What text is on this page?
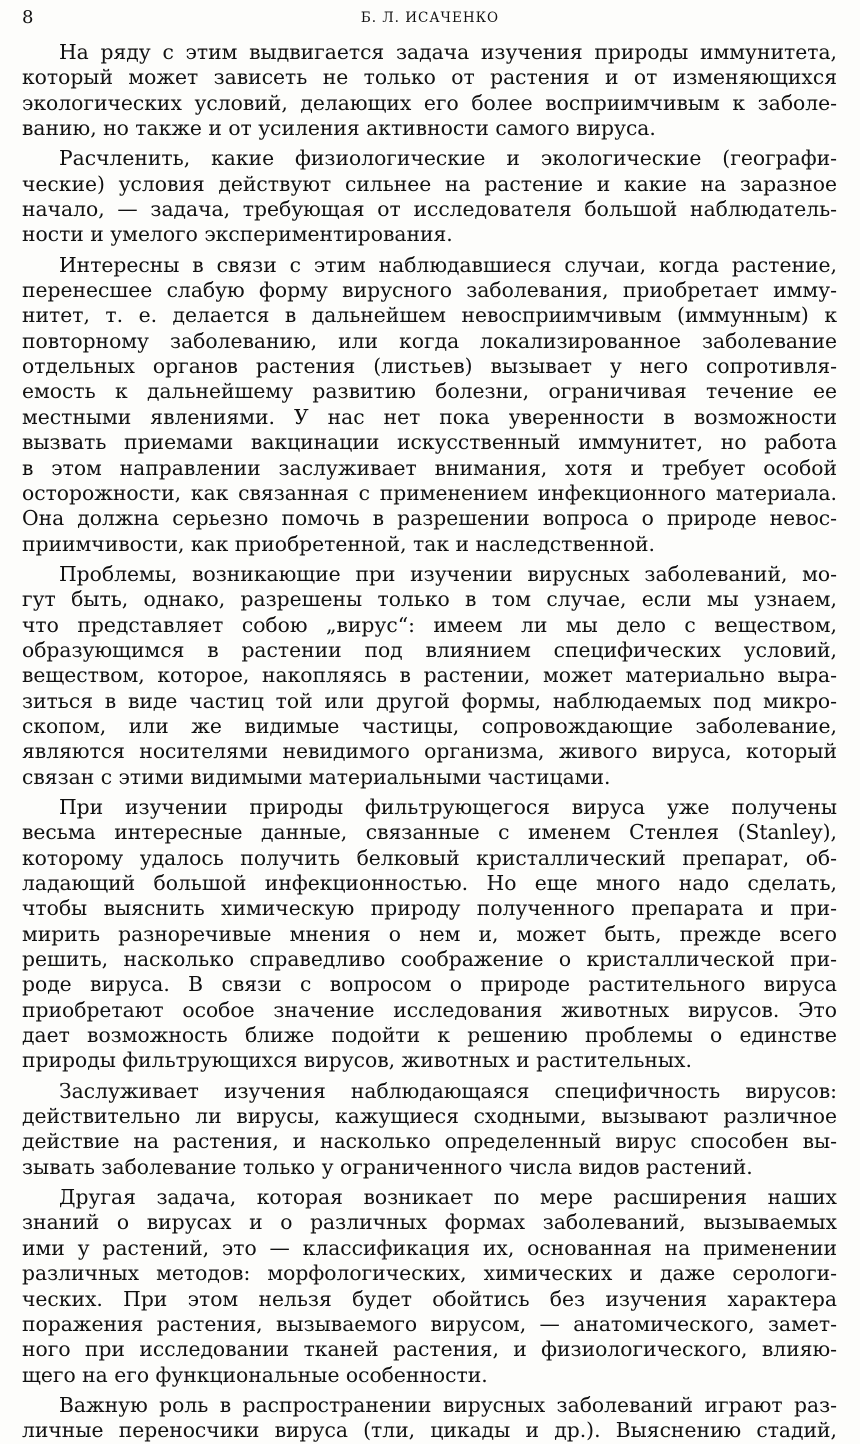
8	Б. Л. ИСАЧЕНКО

На ряду с этим выдвигается задача изучения природы иммунитета,
который может зависеть не только от растения и от изменяющихся
экологических условий, делающих его более восприимчивым к заболе-
ванию, но также и от усиления активности самого вируса.

Расчленить, какие физиологические и экологические (географи-
ческие) условия действуют сильнее на растение и какие на заразное
начало, — задача, требующая от исследователя большой наблюдатель-
ности и умелого экспериментирования.

Интересны в связи с этим наблюдавшиеся случаи, когда растение,
перенесшее слабую форму вирусного заболевания, приобретает имму-
нитет, т. е. делается в дальнейшем невосприимчивым (иммунным) к
повторному заболеванию, или когда локализированное заболевание
отдельных органов растения (листьев) вызывает у него сопротивля-
емость к дальнейшему развитию болезни, ограничивая течение ее
местными явлениями. У нас нет пока уверенности в возможности
вызвать приемами вакцинации искусственный иммунитет, но работа
в этом направлении заслуживает внимания, хотя и требует особой
осторожности, как связанная с применением инфекционного материала.
Она должна серьезно помочь в разрешении вопроса о природе невос-
приимчивости, как приобретенной, так и наследственной.

Проблемы, возникающие при изучении вирусных заболеваний, мо-
гут быть, однако, разрешены только в том случае, если мы узнаем,
что представляет собою „вирус“: имеем ли мы дело с веществом,
образующимся в растении под влиянием специфических условий,
веществом, которое, накопляясь в растении, может материально выра-
зиться в виде частиц той или другой формы, наблюдаемых под микро-
скопом, или же видимые частицы, сопровождающие заболевание,
являются носителями невидимого организма, живого вируса, который
связан с этими видимыми материальными частицами.

При изучении природы фильтрующегося вируса уже получены
весьма интересные данные, связанные с именем Стенлея (Stanley),
которому удалось получить белковый кристаллический препарат, об-
ладающий большой инфекционностью. Но еще много надо сделать,
чтобы выяснить химическую природу полученного препарата и при-
мирить разноречивые мнения о нем и, может быть, прежде всего
решить, насколько справедливо соображение о кристаллической при-
роде вируса. В связи с вопросом о природе растительного вируса
приобретают особое значение исследования животных вирусов. Это
дает возможность ближе подойти к решению проблемы о единстве
природы фильтрующихся вирусов, животных и растительных.

Заслуживает изучения наблюдающаяся специфичность вирусов:
действительно ли вирусы, кажущиеся сходными, вызывают различное
действие на растения, и насколько определенный вирус способен вы-
зывать заболевание только у ограниченного числа видов растений.

Другая задача, которая возникает по мере расширения наших
знаний о вирусах и о различных формах заболеваний, вызываемых
ими у растений, это — классификация их, основанная на применении
различных методов: морфологических, химических и даже серологи-
ческих. При этом нельзя будет обойтись без изучения характера
поражения растения, вызываемого вирусом, — анатомического, замет-
ного при исследовании тканей растения, и физиологического, влияю-
щего на его функциональные особенности.

Важную роль в распространении вирусных заболеваний играют раз-
личные переносчики вируса (тли, цикады и др.). Выяснению стадий,
